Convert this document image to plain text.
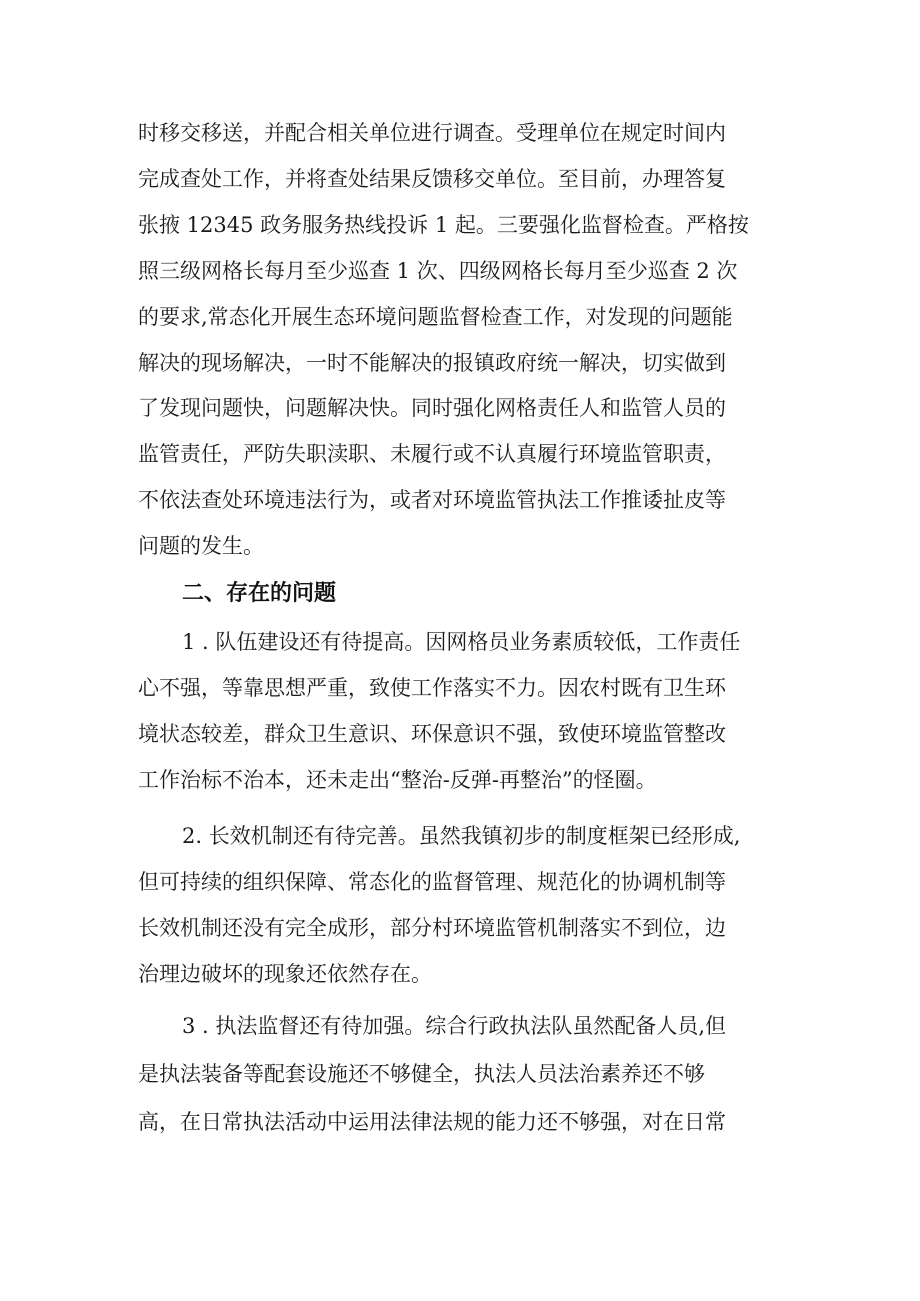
时移交移送，并配合相关单位进行调查。受理单位在规定时间内
完成查处工作，并将查处结果反馈移交单位。至目前，办理答复
张掖 12345 政务服务热线投诉 1 起。三要强化监督检查。严格按
照三级网格长每月至少巡查 1 次、四级网格长每月至少巡查 2 次
的要求,常态化开展生态环境问题监督检查工作，对发现的问题能
解决的现场解决，一时不能解决的报镇政府统一解决，切实做到
了发现问题快，问题解决快。同时强化网格责任人和监管人员的
监管责任，严防失职渎职、未履行或不认真履行环境监管职责，
不依法查处环境违法行为，或者对环境监管执法工作推诿扯皮等
问题的发生。
二、存在的问题
1 . 队伍建设还有待提高。因网格员业务素质较低，工作责任
心不强，等靠思想严重，致使工作落实不力。因农村既有卫生环
境状态较差，群众卫生意识、环保意识不强，致使环境监管整改
工作治标不治本，还未走出“整治-反弹-再整治”的怪圈。
2. 长效机制还有待完善。虽然我镇初步的制度框架已经形成,
但可持续的组织保障、常态化的监督管理、规范化的协调机制等
长效机制还没有完全成形，部分村环境监管机制落实不到位，边
治理边破坏的现象还依然存在。
3 . 执法监督还有待加强。综合行政执法队虽然配备人员,但
是执法装备等配套设施还不够健全，执法人员法治素养还不够
高，在日常执法活动中运用法律法规的能力还不够强，对在日常
